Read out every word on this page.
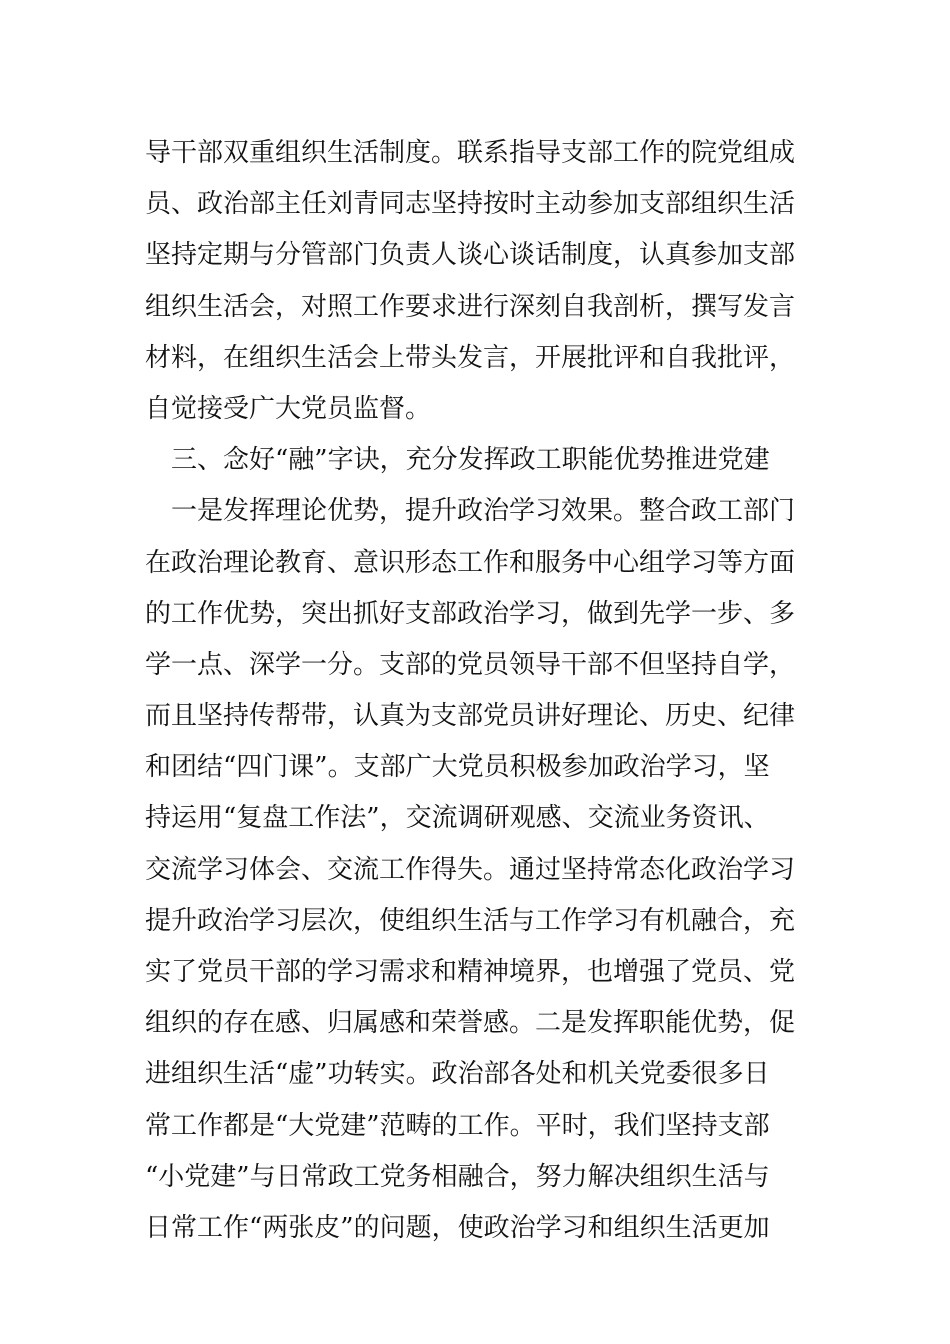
导干部双重组织生活制度。联系指导支部工作的院党组成
员、政治部主任刘青同志坚持按时主动参加支部组织生活
坚持定期与分管部门负责人谈心谈话制度，认真参加支部
组织生活会，对照工作要求进行深刻自我剖析，撰写发言
材料，在组织生活会上带头发言，开展批评和自我批评，
自觉接受广大党员监督。
　三、念好“融”字诀，充分发挥政工职能优势推进党建
　一是发挥理论优势，提升政治学习效果。整合政工部门
在政治理论教育、意识形态工作和服务中心组学习等方面
的工作优势，突出抓好支部政治学习，做到先学一步、多
学一点、深学一分。支部的党员领导干部不但坚持自学，
而且坚持传帮带，认真为支部党员讲好理论、历史、纪律
和团结“四门课”。支部广大党员积极参加政治学习，坚
持运用“复盘工作法”，交流调研观感、交流业务资讯、
交流学习体会、交流工作得失。通过坚持常态化政治学习
提升政治学习层次，使组织生活与工作学习有机融合，充
实了党员干部的学习需求和精神境界，也增强了党员、党
组织的存在感、归属感和荣誉感。二是发挥职能优势，促
进组织生活“虚”功转实。政治部各处和机关党委很多日
常工作都是“大党建”范畴的工作。平时，我们坚持支部
“小党建”与日常政工党务相融合，努力解决组织生活与
日常工作“两张皮”的问题，使政治学习和组织生活更加
